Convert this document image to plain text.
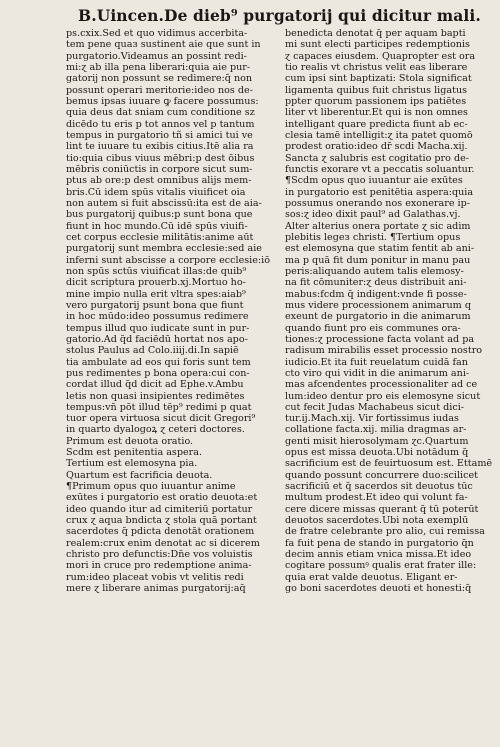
B.Uincen.De dieb⁹ purgatorij qui dicitur mali.
ps.cxix.Sed et quo vidimus accerbita-
tem pene quaз sustinent aie que sunt in
purgatorio.Videamus an possint redi-
mi:ɀ ab illa pena liberari:quia aie pur-
gatorij non possunt se redimere:q̄ non
possunt operari meritorie:ideo nos de-
bemus ipsas iuuare ꝙ facere possumus:
quia deus dat sniam cum conditione sz
dicēdo tu eris p tot annos vel p tantum
tempus in purgatorio tñ si amici tui ve
lint te iuuare tu exibis citius.Itē alia ra
tio:quia cibus viuus mēbri:p dest ōibus
mēbris coniūctis in corpore sicut sum-
ptus ab ore:p dest omnibus alijs mem-
bris.Cū idem spūs vitalis viuificet oia
non autem si fuit abscissū:ita est de aia-
bus purgatorij quibus:p sunt bona que
fiunt in hoc mundo.Cū idē spūs viuifi-
cet corpus ecclesie militātis:anime aūt
purgatorij sunt membra ecclesie:sed aie
inferni sunt abscisse a corpore ecclesie:iō
non spūs sctūs viuificat illas:de quib⁹
dicit scriptura prouerb.xj.Mortuo ho-
mine impio nulla erit vltra spes:aiab⁹
vero purgatorij psunt bona que fiunt
in hoc mūdo:ideo possumus redimere
tempus illud quo iudicate sunt in pur-
gatorio.Ad q̄d faciēdū hortat nos apo-
stolus Paulus ad Colo.iiij.di.In sapiē
tia ambulate ad eos qui foris sunt tem
pus redimentes p bona opera:cui con-
cordat illud q̄d dicit ad Ephe.v.Ambu
letis non quasi insipientes redimētes
tempus:vn̄ pōt illud tēp⁹ redimi p quat
tuor opera virtuosa sicut dicit Gregori⁹
in quarto dyalogoꝝ ɀ ceteri doctores.
Primum est deuota oratio.
Scdm est penitentia aspera.
Tertium est elemosyna pia.
Quartum est facrificia deuota.
¶Primum opus quo iuuantur anime
exūtes i purgatorio est oratio deuota:et
ideo quando itur ad cimiteriū portatur
crux ɀ aqua bndicta ɀ stola quā portant
sacerdotes q̄ pdicta denotāt orationem
realem:crux enim denotat ac si dicerem
christo pro defunctis:Dn̄e vos voluistis
mori in cruce pro redemptione anima-
rum:ideo placeat vobis vt velitis redi
mere ɀ liberare animas purgatorij:aq̄
benedicta denotat q̄ per aquam bapti
mi sunt electi participes redemptionis
ɀ capaces eiusdem. Quapropter est ora
tio realis vt christus velit eas liberare
cum ipsi sint baptizati: Stola significat
ligamenta quibus fuit christus ligatus
ppter quorum passionem ips patiētes
liter vt liberentur.Et qui is non omnes
intelligant quare predicta fiunt ab ec-
clesia tamē intelligit:ɀ ita patet quomō
prodest oratio:ideo dr̄ scdi Macha.xij.
Sancta ɀ salubris est cogitatio pro de-
functis exorare vt a peccatis soluantur.
¶Scdm opus quo iuuantur aie exūtes
in purgatorio est penitētia aspera:quia
possumus onerando nos exonerare ip-
sos:ɀ ideo dixit paul⁹ ad Galathas.vj.
Alter alterius onera portate ɀ sic adim
plebitis legeз christi. ¶Tertium opus
est elemosyna que statim fentit ab ani-
ma p quā fit dum ponitur in manu pau
peris:aliquando autem talis elemosy-
na fit cōmuniter:ɀ deus distribuit ani-
mabus:fcdm q̄ indigent:vnde fi posse-
mus videre processionem animarum q
exeunt de purgatorio in die animarum
quando fiunt pro eis communes ora-
tiones:ɀ processione facta volant ad pa
radisum mirabilis esset processio nostro
iudicio.Et ita fuit reuelatum cuidā fan
cto viro qui vidit in die animarum ani-
mas afcendentes processionaliter ad ce
lum:ideo dentur pro eis elemosyne sicut
cut fecit Judas Machabeus sicut dici-
tur.ij.Mach.xij. Vir fortissimus iudas
collatione facta.xij. milia dragmas ar-
genti misit hierosolymam ɀc.Quartum
opus est missa deuota.Ubi notādum q̄
sacrificium est de feuirtuosum est. Ettamē
quando possunt concurrere duo:scilicet
sacrificiū et q̄ sacerdos sit deuotus tūc
multum prodest.Et ideo qui volunt fa-
cere dicere missas querant q̄ tū poterūt
deuotos sacerdotes.Ubi nota exemplū
de fratre celebrante pro alio, cui remissa
fa fuit pena de stando in purgatorio q̄n
decim annis etiam vnica missa.Et ideo
cogitare possumꝰ qualis erat frater ille:
quia erat valde deuotus. Eligant er-
go boni sacerdotes deuoti et honesti:q̄
